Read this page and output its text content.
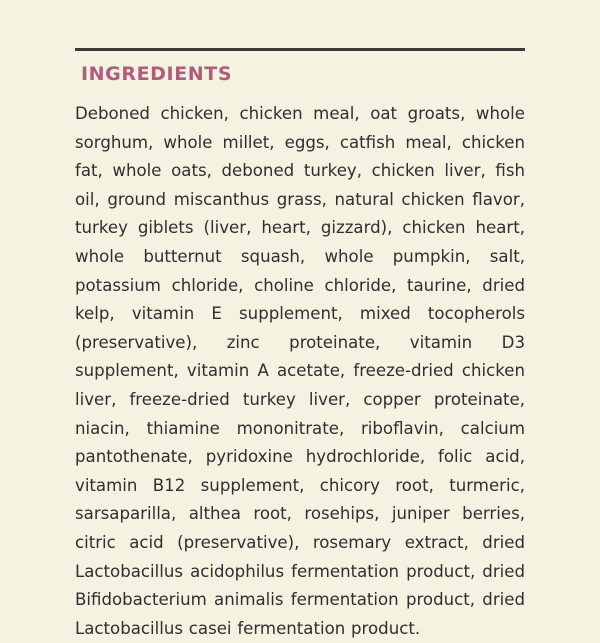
INGREDIENTS
Deboned chicken, chicken meal, oat groats, whole sorghum, whole millet, eggs, catfish meal, chicken fat, whole oats, deboned turkey, chicken liver, fish oil, ground miscanthus grass, natural chicken flavor, turkey giblets (liver, heart, gizzard), chicken heart, whole butternut squash, whole pumpkin, salt, potassium chloride, choline chloride, taurine, dried kelp, vitamin E supplement, mixed tocopherols (preservative), zinc proteinate, vitamin D3 supplement, vitamin A acetate, freeze-dried chicken liver, freeze-dried turkey liver, copper proteinate, niacin, thiamine mononitrate, riboflavin, calcium pantothenate, pyridoxine hydrochloride, folic acid, vitamin B12 supplement, chicory root, turmeric, sarsaparilla, althea root, rosehips, juniper berries, citric acid (preservative), rosemary extract, dried Lactobacillus acidophilus fermentation product, dried Bifidobacterium animalis fermentation product, dried Lactobacillus casei fermentation product.
